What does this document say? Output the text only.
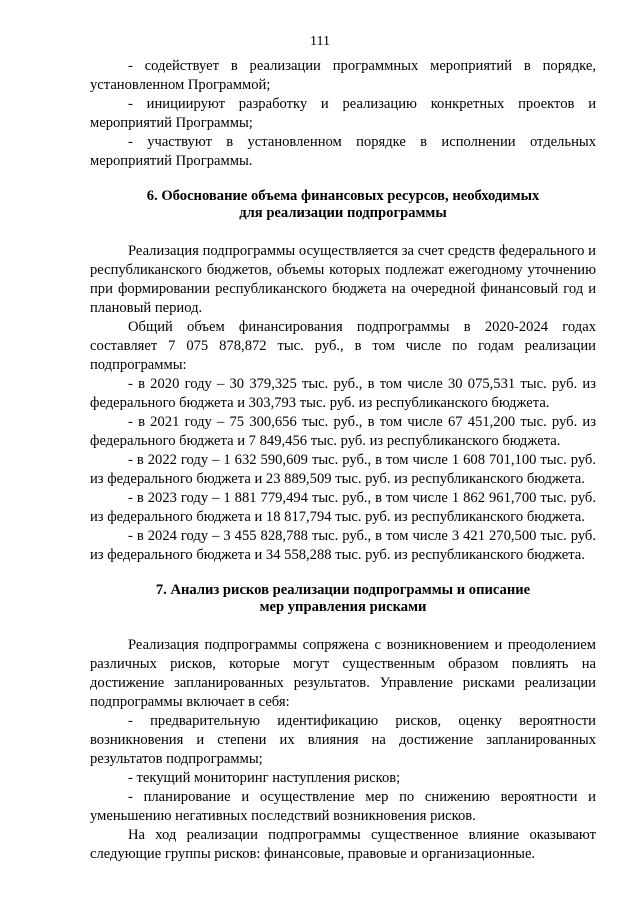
111

- содействует в реализации программных мероприятий в порядке, установленном Программой;

- инициируют разработку и реализацию конкретных проектов и мероприятий Программы;

- участвуют в установленном порядке в исполнении отдельных мероприятий Программы.

6. Обоснование объема финансовых ресурсов, необходимых
для реализации подпрограммы

Реализация подпрограммы осуществляется за счет средств федерального и республиканского бюджетов, объемы которых подлежат ежегодному уточнению при формировании республиканского бюджета на очередной финансовый год и плановый период.

Общий объем финансирования подпрограммы в 2020-2024 годах составляет 7 075 878,872 тыс. руб., в том числе по годам реализации подпрограммы:

- в 2020 году – 30 379,325 тыс. руб., в том числе 30 075,531 тыс. руб. из федерального бюджета и 303,793 тыс. руб. из республиканского бюджета.

- в 2021 году – 75 300,656 тыс. руб., в том числе 67 451,200 тыс. руб. из федерального бюджета и 7 849,456 тыс. руб. из республиканского бюджета.

- в 2022 году – 1 632 590,609 тыс. руб., в том числе 1 608 701,100 тыс. руб. из федерального бюджета и 23 889,509 тыс. руб. из республиканского бюджета.

- в 2023 году – 1 881 779,494 тыс. руб., в том числе 1 862 961,700 тыс. руб. из федерального бюджета и 18 817,794 тыс. руб. из республиканского бюджета.

- в 2024 году – 3 455 828,788 тыс. руб., в том числе 3 421 270,500 тыс. руб. из федерального бюджета и 34 558,288 тыс. руб. из республиканского бюджета.

7. Анализ рисков реализации подпрограммы и описание
мер управления рисками

Реализация подпрограммы сопряжена с возникновением и преодолением различных рисков, которые могут существенным образом повлиять на достижение запланированных результатов. Управление рисками реализации подпрограммы включает в себя:

- предварительную идентификацию рисков, оценку вероятности возникновения и степени их влияния на достижение запланированных результатов подпрограммы;

- текущий мониторинг наступления рисков;

- планирование и осуществление мер по снижению вероятности и уменьшению негативных последствий возникновения рисков.

На ход реализации подпрограммы существенное влияние оказывают следующие группы рисков: финансовые, правовые и организационные.
